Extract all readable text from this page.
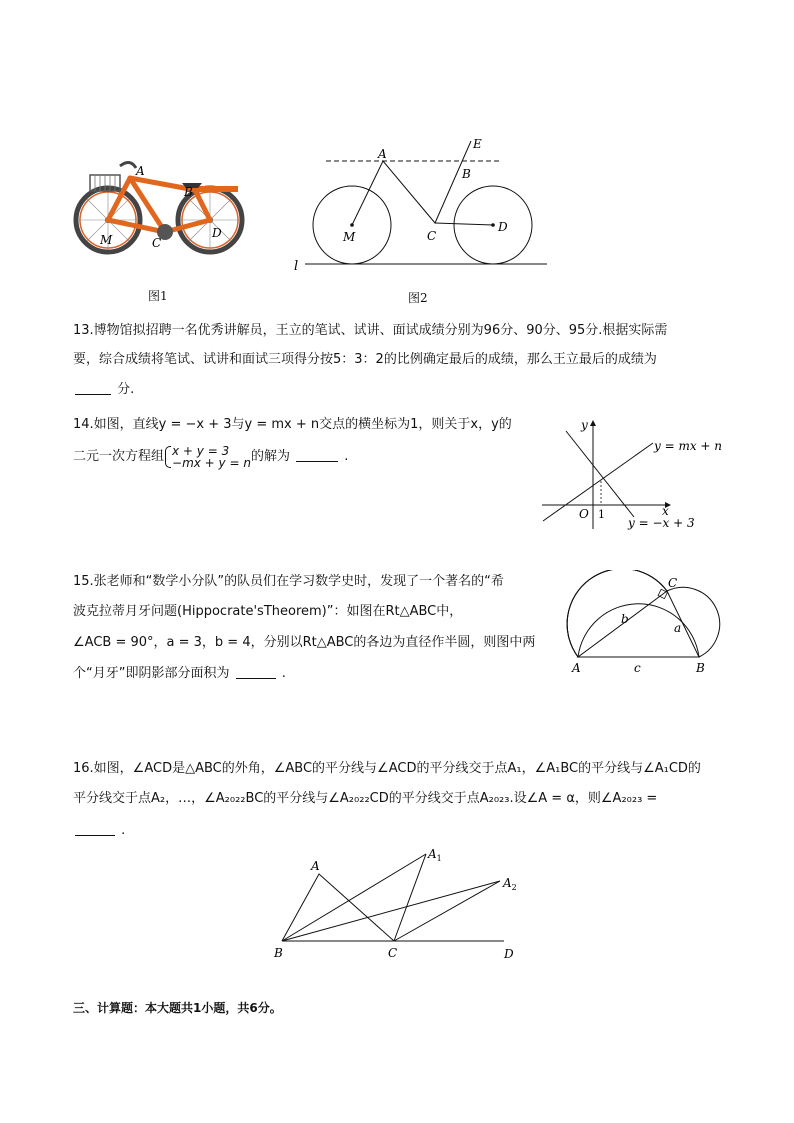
A
B
C
D
M
图1
A
B
C
D
E
M
l
图2
13.博物馆拟招聘一名优秀讲解员，王立的笔试、试讲、面试成绩分别为96分、90分、95分.根据实际需
要，综合成绩将笔试、试讲和面试三项得分按5：3：2的比例确定最后的成绩，那么王立最后的成绩为
分.
14.如图，直线y = −x + 3与y = mx + n交点的横坐标为1，则关于x，y的
二元一次方程组 x + y = 3
−mx + y = n 的解为	.
y
x
O 1
y = mx + n
y = −x + 3
15.张老师和“数学小分队”的队员们在学习数学史时，发现了一个著名的“希
波克拉蒂月牙问题(Hippocrate'sTheorem)”：如图在Rt△ABC中，
∠ACB = 90°，a = 3，b = 4，分别以Rt△ABC的各边为直径作半圆，则图中两
个“月牙”即阴影部分面积为	.	A	B
C
a
b
c
16.如图，∠ACD是△ABC的外角，∠ABC的平分线与∠ACD的平分线交于点A₁，∠A₁BC的平分线与∠A₁CD的
平分线交于点A₂，…，∠A₂₀₂₂BC的平分线与∠A₂₀₂₂CD的平分线交于点A₂₀₂₃.设∠A = α，则∠A₂₀₂₃ =
.
A
$A_1$
$A_2$
B	C	D
三、计算题：本大题共1小题，共6分。
